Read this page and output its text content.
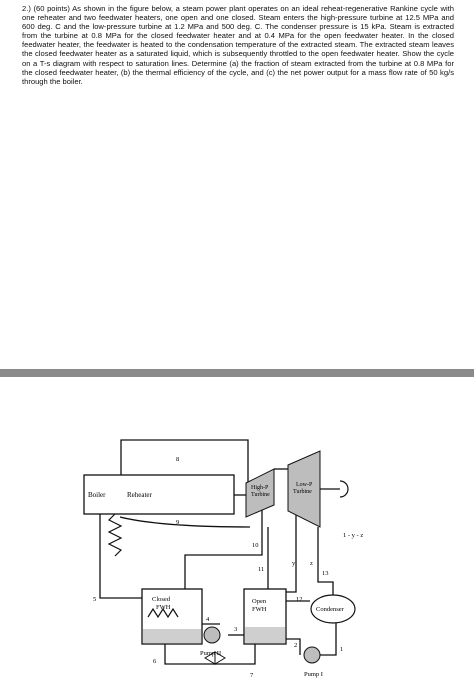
2.) (60 points) As shown in the figure below, a steam power plant operates on an ideal reheat-regenerative Rankine cycle with one reheater and two feedwater heaters, one open and one closed. Steam enters the high-pressure turbine at 12.5 MPa and 600 deg. C and the low-pressure turbine at 1.2 MPa and 500 deg. C. The condenser pressure is 15 kPa. Steam is extracted from the turbine at 0.8 MPa for the closed feedwater heater and at 0.4 MPa for the open feedwater heater. In the closed feedwater heater, the feedwater is heated to the condensation temperature of the extracted steam. The extracted steam leaves the closed feedwater heater as a saturated liquid, which is subsequently throttled to the open feedwater heater. Show the cycle on a T-s diagram with respect to saturation lines. Determine (a) the fraction of steam extracted from the turbine at 0.8 MPa for the closed feedwater heater, (b) the thermal efficiency of the cycle, and (c) the net power output for a mass flow rate of 50 kg/s through the boiler.
Boiler	Reheater
High-P
Turbine
Low-P
Turbine
Closed
FWH
Open
FWH	Condenser
Pump II
Pump I
1 - y - z
y z
1
2
3
4
5
6
7
8
9
10
11
12
13
